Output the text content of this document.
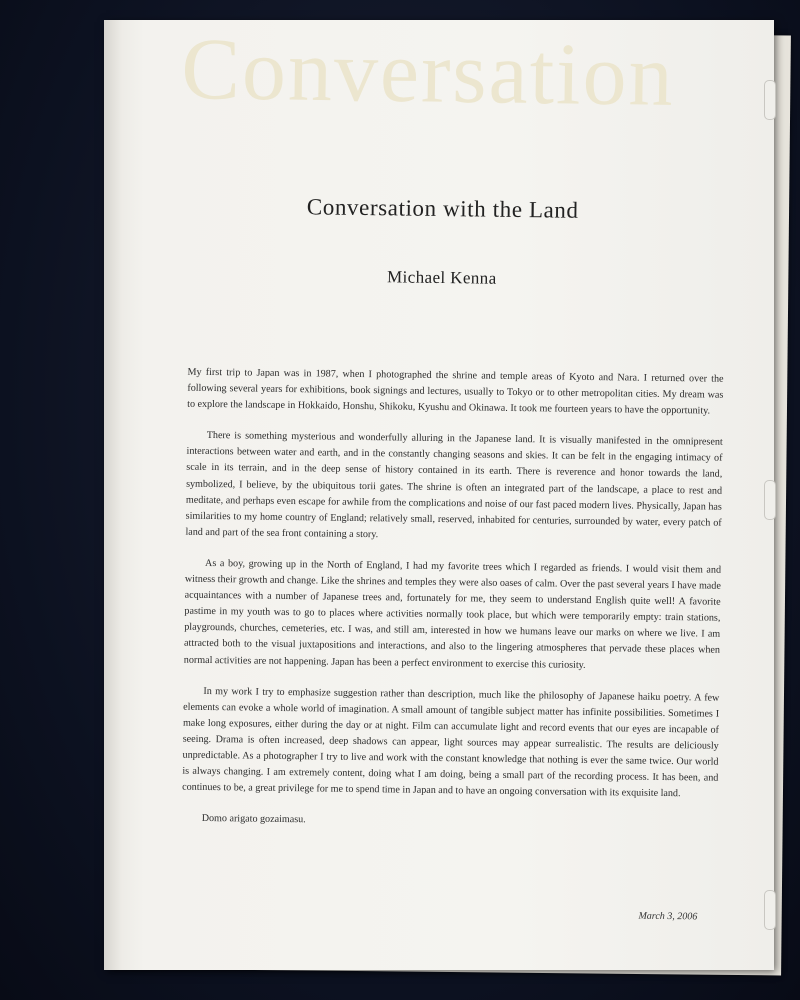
Conversation
Conversation with the Land
Michael Kenna

My first trip to Japan was in 1987, when I photographed the shrine and temple areas of Kyoto and Nara. I returned over the following several years for exhibitions, book signings and lectures, usually to Tokyo or to other metropolitan cities. My dream was to explore the landscape in Hokkaido, Honshu, Shikoku, Kyushu and Okinawa. It took me fourteen years to have the opportunity.

There is something mysterious and wonderfully alluring in the Japanese land. It is visually manifested in the omnipresent interactions between water and earth, and in the constantly changing seasons and skies. It can be felt in the engaging intimacy of scale in its terrain, and in the deep sense of history contained in its earth. There is reverence and honor towards the land, symbolized, I believe, by the ubiquitous torii gates. The shrine is often an integrated part of the landscape, a place to rest and meditate, and perhaps even escape for awhile from the complications and noise of our fast paced modern lives. Physically, Japan has similarities to my home country of England; relatively small, reserved, inhabited for centuries, surrounded by water, every patch of land and part of the sea front containing a story.

As a boy, growing up in the North of England, I had my favorite trees which I regarded as friends. I would visit them and witness their growth and change. Like the shrines and temples they were also oases of calm. Over the past several years I have made acquaintances with a number of Japanese trees and, fortunately for me, they seem to understand English quite well! A favorite pastime in my youth was to go to places where activities normally took place, but which were temporarily empty: train stations, playgrounds, churches, cemeteries, etc. I was, and still am, interested in how we humans leave our marks on where we live. I am attracted both to the visual juxtapositions and interactions, and also to the lingering atmospheres that pervade these places when normal activities are not happening. Japan has been a perfect environment to exercise this curiosity.

In my work I try to emphasize suggestion rather than description, much like the philosophy of Japanese haiku poetry. A few elements can evoke a whole world of imagination. A small amount of tangible subject matter has infinite possibilities. Sometimes I make long exposures, either during the day or at night. Film can accumulate light and record events that our eyes are incapable of seeing. Drama is often increased, deep shadows can appear, light sources may appear surrealistic. The results are deliciously unpredictable. As a photographer I try to live and work with the constant knowledge that nothing is ever the same twice. Our world is always changing. I am extremely content, doing what I am doing, being a small part of the recording process. It has been, and continues to be, a great privilege for me to spend time in Japan and to have an ongoing conversation with its exquisite land.

Domo arigato gozaimasu.

March 3, 2006
